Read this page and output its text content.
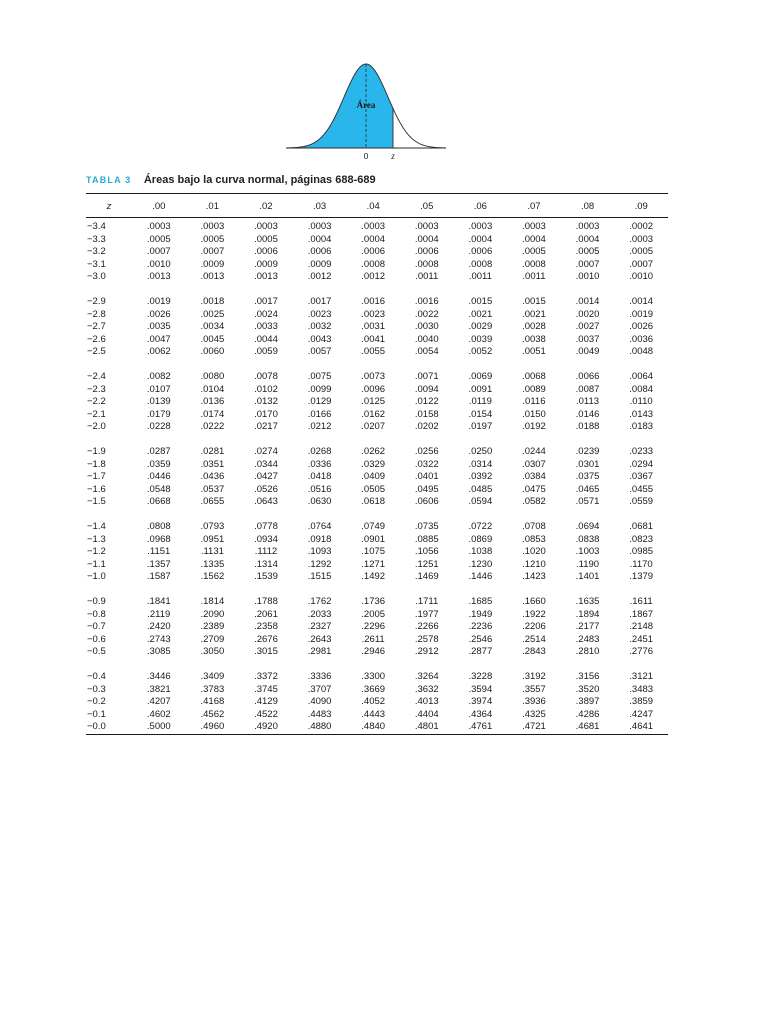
Área
0	z
TABLA 3 Áreas bajo la curva normal, páginas 688-689
z	.00	.01	.02	.03	.04	.05	.06	.07	.08	.09

−3.4	.0003	.0003	.0003	.0003	.0003	.0003	.0003	.0003	.0003	.0002
−3.3	.0005	.0005	.0005	.0004	.0004	.0004	.0004	.0004	.0004	.0003
−3.2	.0007	.0007	.0006	.0006	.0006	.0006	.0006	.0005	.0005	.0005
−3.1	.0010	.0009	.0009	.0009	.0008	.0008	.0008	.0008	.0007	.0007
−3.0	.0013	.0013	.0013	.0012	.0012	.0011	.0011	.0011	.0010	.0010

−2.9	.0019	.0018	.0017	.0017	.0016	.0016	.0015	.0015	.0014	.0014
−2.8	.0026	.0025	.0024	.0023	.0023	.0022	.0021	.0021	.0020	.0019
−2.7	.0035	.0034	.0033	.0032	.0031	.0030	.0029	.0028	.0027	.0026
−2.6	.0047	.0045	.0044	.0043	.0041	.0040	.0039	.0038	.0037	.0036
−2.5	.0062	.0060	.0059	.0057	.0055	.0054	.0052	.0051	.0049	.0048

−2.4	.0082	.0080	.0078	.0075	.0073	.0071	.0069	.0068	.0066	.0064
−2.3	.0107	.0104	.0102	.0099	.0096	.0094	.0091	.0089	.0087	.0084
−2.2	.0139	.0136	.0132	.0129	.0125	.0122	.0119	.0116	.0113	.0110
−2.1	.0179	.0174	.0170	.0166	.0162	.0158	.0154	.0150	.0146	.0143
−2.0	.0228	.0222	.0217	.0212	.0207	.0202	.0197	.0192	.0188	.0183

−1.9	.0287	.0281	.0274	.0268	.0262	.0256	.0250	.0244	.0239	.0233
−1.8	.0359	.0351	.0344	.0336	.0329	.0322	.0314	.0307	.0301	.0294
−1.7	.0446	.0436	.0427	.0418	.0409	.0401	.0392	.0384	.0375	.0367
−1.6	.0548	.0537	.0526	.0516	.0505	.0495	.0485	.0475	.0465	.0455
−1.5	.0668	.0655	.0643	.0630	.0618	.0606	.0594	.0582	.0571	.0559

−1.4	.0808	.0793	.0778	.0764	.0749	.0735	.0722	.0708	.0694	.0681
−1.3	.0968	.0951	.0934	.0918	.0901	.0885	.0869	.0853	.0838	.0823
−1.2	.1151	.1131	.1112	.1093	.1075	.1056	.1038	.1020	.1003	.0985
−1.1	.1357	.1335	.1314	.1292	.1271	.1251	.1230	.1210	.1190	.1170
−1.0	.1587	.1562	.1539	.1515	.1492	.1469	.1446	.1423	.1401	.1379

−0.9	.1841	.1814	.1788	.1762	.1736	.1711	.1685	.1660	.1635	.1611
−0.8	.2119	.2090	.2061	.2033	.2005	.1977	.1949	.1922	.1894	.1867
−0.7	.2420	.2389	.2358	.2327	.2296	.2266	.2236	.2206	.2177	.2148
−0.6	.2743	.2709	.2676	.2643	.2611	.2578	.2546	.2514	.2483	.2451
−0.5	.3085	.3050	.3015	.2981	.2946	.2912	.2877	.2843	.2810	.2776

−0.4	.3446	.3409	.3372	.3336	.3300	.3264	.3228	.3192	.3156	.3121
−0.3	.3821	.3783	.3745	.3707	.3669	.3632	.3594	.3557	.3520	.3483
−0.2	.4207	.4168	.4129	.4090	.4052	.4013	.3974	.3936	.3897	.3859
−0.1	.4602	.4562	.4522	.4483	.4443	.4404	.4364	.4325	.4286	.4247
−0.0	.5000	.4960	.4920	.4880	.4840	.4801	.4761	.4721	.4681	.4641
